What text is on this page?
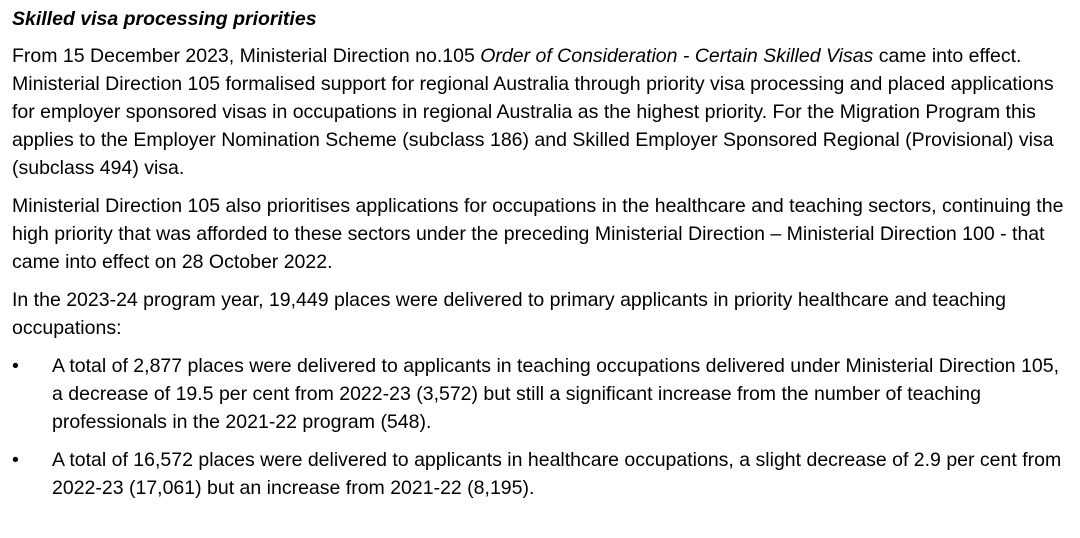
Skilled visa processing priorities

From 15 December 2023, Ministerial Direction no.105 Order of Consideration - Certain Skilled Visas came into effect. Ministerial Direction 105 formalised support for regional Australia through priority visa processing and placed applications for employer sponsored visas in occupations in regional Australia as the highest priority. For the Migration Program this applies to the Employer Nomination Scheme (subclass 186) and Skilled Employer Sponsored Regional (Provisional) visa (subclass 494) visa.

Ministerial Direction 105 also prioritises applications for occupations in the healthcare and teaching sectors, continuing the high priority that was afforded to these sectors under the preceding Ministerial Direction – Ministerial Direction 100 - that came into effect on 28 October 2022.

In the 2023-24 program year, 19,449 places were delivered to primary applicants in priority healthcare and teaching occupations:

•	A total of 2,877 places were delivered to applicants in teaching occupations delivered under Ministerial Direction 105, a decrease of 19.5 per cent from 2022-23 (3,572) but still a significant increase from the number of teaching professionals in the 2021-22 program (548).
•	A total of 16,572 places were delivered to applicants in healthcare occupations, a slight decrease of 2.9 per cent from 2022-23 (17,061) but an increase from 2021-22 (8,195).
